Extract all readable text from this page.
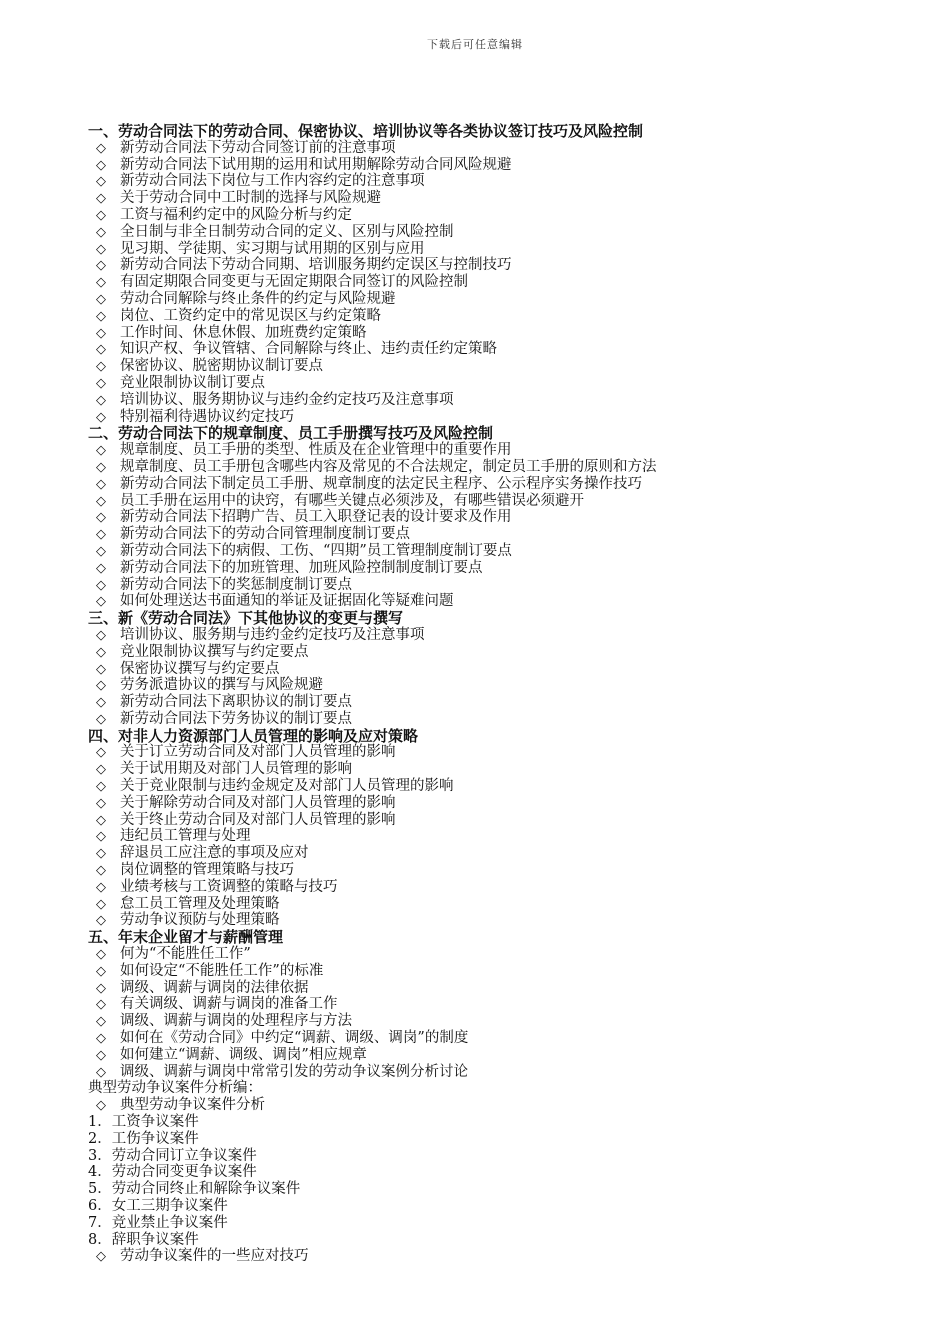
下载后可任意编辑
一、劳动合同法下的劳动合同、保密协议、培训协议等各类协议签订技巧及风险控制
◇ 新劳动合同法下劳动合同签订前的注意事项
◇ 新劳动合同法下试用期的运用和试用期解除劳动合同风险规避
◇ 新劳动合同法下岗位与工作内容约定的注意事项
◇ 关于劳动合同中工时制的选择与风险规避
◇ 工资与福利约定中的风险分析与约定
◇ 全日制与非全日制劳动合同的定义、区别与风险控制
◇ 见习期、学徒期、实习期与试用期的区别与应用
◇ 新劳动合同法下劳动合同期、培训服务期约定误区与控制技巧
◇ 有固定期限合同变更与无固定期限合同签订的风险控制
◇ 劳动合同解除与终止条件的约定与风险规避
◇ 岗位、工资约定中的常见误区与约定策略
◇ 工作时间、休息休假、加班费约定策略
◇ 知识产权、争议管辖、合同解除与终止、违约责任约定策略
◇ 保密协议、脱密期协议制订要点
◇ 竞业限制协议制订要点
◇ 培训协议、服务期协议与违约金约定技巧及注意事项
◇ 特别福利待遇协议约定技巧
二、劳动合同法下的规章制度、员工手册撰写技巧及风险控制
◇ 规章制度、员工手册的类型、性质及在企业管理中的重要作用
◇ 规章制度、员工手册包含哪些内容及常见的不合法规定，制定员工手册的原则和方法
◇ 新劳动合同法下制定员工手册、规章制度的法定民主程序、公示程序实务操作技巧
◇ 员工手册在运用中的诀窍，有哪些关键点必须涉及，有哪些错误必须避开
◇ 新劳动合同法下招聘广告、员工入职登记表的设计要求及作用
◇ 新劳动合同法下的劳动合同管理制度制订要点
◇ 新劳动合同法下的病假、工伤、“四期”员工管理制度制订要点
◇ 新劳动合同法下的加班管理、加班风险控制制度制订要点
◇ 新劳动合同法下的奖惩制度制订要点
◇ 如何处理送达书面通知的举证及证据固化等疑难问题
三、新《劳动合同法》下其他协议的变更与撰写
◇ 培训协议、服务期与违约金约定技巧及注意事项
◇ 竞业限制协议撰写与约定要点
◇ 保密协议撰写与约定要点
◇ 劳务派遣协议的撰写与风险规避
◇ 新劳动合同法下离职协议的制订要点
◇ 新劳动合同法下劳务协议的制订要点
四、对非人力资源部门人员管理的影响及应对策略
◇ 关于订立劳动合同及对部门人员管理的影响
◇ 关于试用期及对部门人员管理的影响
◇ 关于竞业限制与违约金规定及对部门人员管理的影响
◇ 关于解除劳动合同及对部门人员管理的影响
◇ 关于终止劳动合同及对部门人员管理的影响
◇ 违纪员工管理与处理
◇ 辞退员工应注意的事项及应对
◇ 岗位调整的管理策略与技巧
◇ 业绩考核与工资调整的策略与技巧
◇ 怠工员工管理及处理策略
◇ 劳动争议预防与处理策略
五、年末企业留才与薪酬管理
◇ 何为“不能胜任工作”
◇ 如何设定“不能胜任工作”的标准
◇ 调级、调薪与调岗的法律依据
◇ 有关调级、调薪与调岗的准备工作
◇ 调级、调薪与调岗的处理程序与方法
◇ 如何在《劳动合同》中约定“调薪、调级、调岗”的制度
◇ 如何建立“调薪、调级、调岗”相应规章
◇ 调级、调薪与调岗中常常引发的劳动争议案例分析讨论
典型劳动争议案件分析编：
◇ 典型劳动争议案件分析
1．工资争议案件
2．工伤争议案件
3．劳动合同订立争议案件
4．劳动合同变更争议案件
5．劳动合同终止和解除争议案件
6．女工三期争议案件
7．竞业禁止争议案件
8．辞职争议案件
◇ 劳动争议案件的一些应对技巧
